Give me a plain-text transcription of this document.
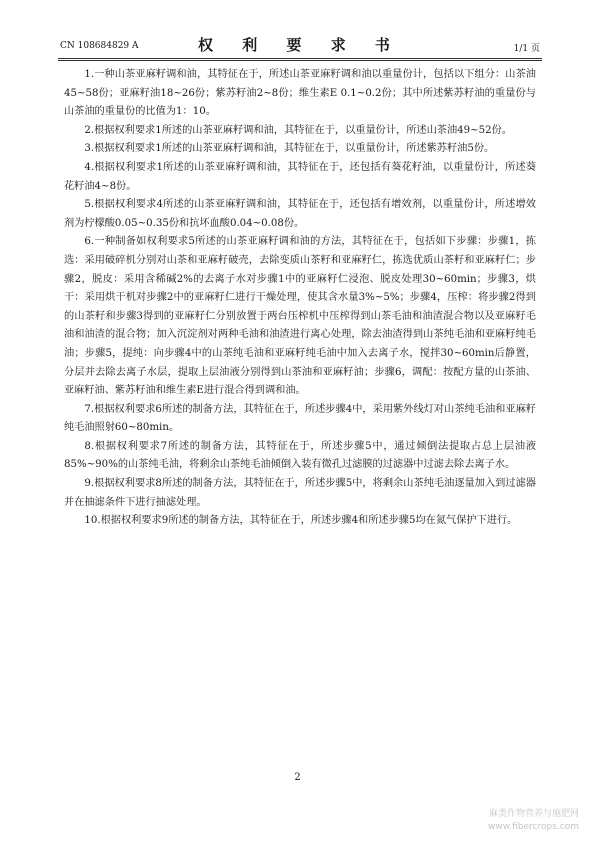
CN 108684829 A	权 利 要 求 书	1/1 页

1.一种山茶亚麻籽调和油，其特征在于，所述山茶亚麻籽调和油以重量份计，包括以下组分：山茶油45~58份；亚麻籽油18~26份；紫苏籽油2~8份；维生素E 0.1~0.2份；其中所述紫苏籽油的重量份与山茶油的重量份的比值为1：10。

2.根据权利要求1所述的山茶亚麻籽调和油，其特征在于，以重量份计，所述山茶油49~52份。

3.根据权利要求1所述的山茶亚麻籽调和油，其特征在于，以重量份计，所述紫苏籽油5份。

4.根据权利要求1所述的山茶亚麻籽调和油，其特征在于，还包括有葵花籽油，以重量份计，所述葵花籽油4~8份。

5.根据权利要求4所述的山茶亚麻籽调和油，其特征在于，还包括有增效剂，以重量份计，所述增效剂为柠檬酸0.05~0.35份和抗坏血酸0.04~0.08份。

6.一种制备如权利要求5所述的山茶亚麻籽调和油的方法，其特征在于，包括如下步骤：步骤1，拣选：采用破碎机分别对山茶和亚麻籽破壳，去除变质山茶籽和亚麻籽仁，拣选优质山茶籽和亚麻籽仁；步骤2，脱皮：采用含稀碱2%的去离子水对步骤1中的亚麻籽仁浸泡、脱皮处理30~60min；步骤3，烘干：采用烘干机对步骤2中的亚麻籽仁进行干燥处理，使其含水量3%~5%；步骤4，压榨：将步骤2得到的山茶籽和步骤3得到的亚麻籽仁分别放置于两台压榨机中压榨得到山茶毛油和油渣混合物以及亚麻籽毛油和油渣的混合物；加入沉淀剂对两种毛油和油渣进行离心处理，除去油渣得到山茶纯毛油和亚麻籽纯毛油；步骤5，提纯：向步骤4中的山茶纯毛油和亚麻籽纯毛油中加入去离子水，搅拌30~60min后静置，分层并去除去离子水层，提取上层油液分别得到山茶油和亚麻籽油；步骤6，调配：按配方量的山茶油、亚麻籽油、紫苏籽油和维生素E进行混合得到调和油。

7.根据权利要求6所述的制备方法，其特征在于，所述步骤4中，采用紫外线灯对山茶纯毛油和亚麻籽纯毛油照射60~80min。

8.根据权利要求7所述的制备方法，其特征在于，所述步骤5中，通过倾倒法提取占总上层油液85%~90%的山茶纯毛油，将剩余山茶纯毛油倾倒入装有微孔过滤膜的过滤器中过滤去除去离子水。

9.根据权利要求8所述的制备方法，其特征在于，所述步骤5中，将剩余山茶纯毛油逐量加入到过滤器并在抽滤条件下进行抽滤处理。

10.根据权利要求9所述的制备方法，其特征在于，所述步骤4和所述步骤5均在氮气保护下进行。

2
麻类作物营养与施肥网
www.fibercrops.com
